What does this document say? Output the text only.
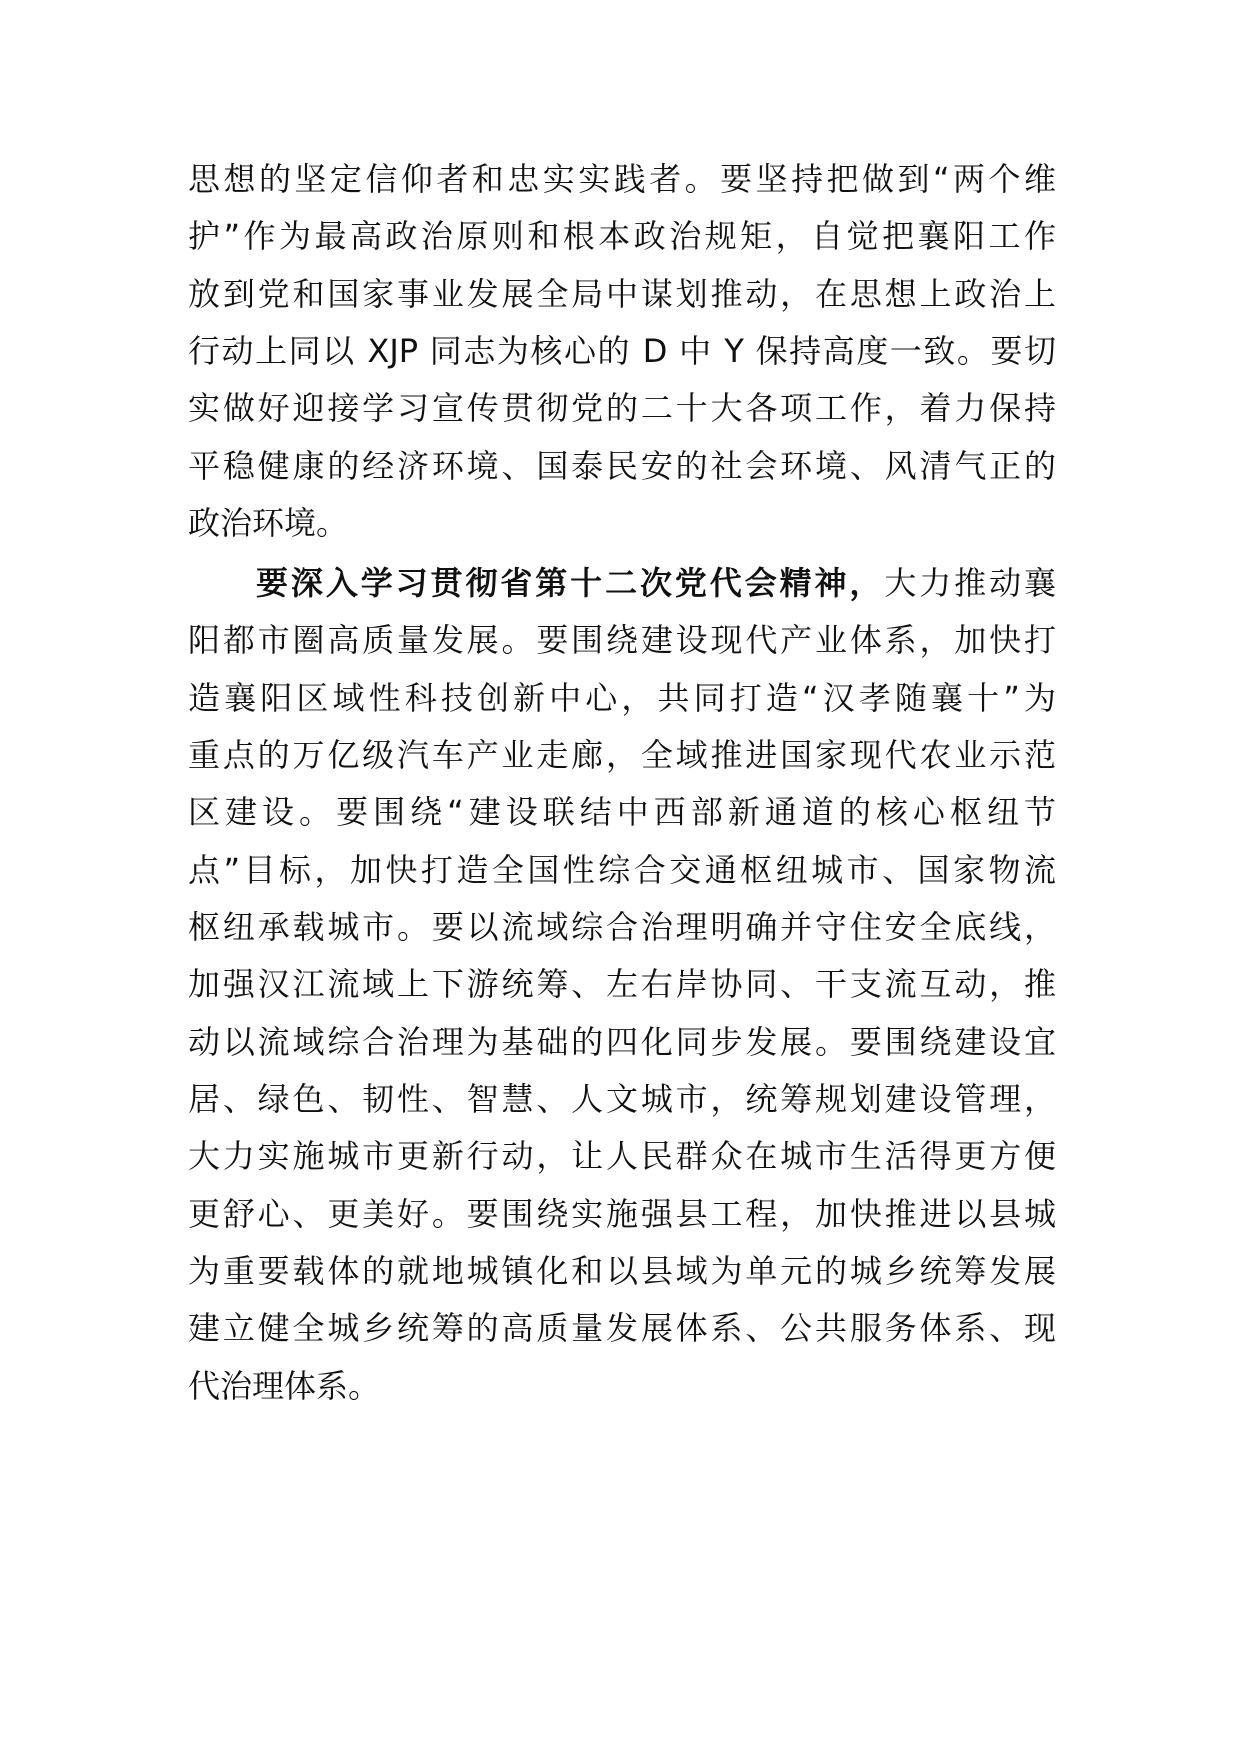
思想的坚定信仰者和忠实实践者。要坚持把做到“两个维
护”作为最高政治原则和根本政治规矩，自觉把襄阳工作
放到党和国家事业发展全局中谋划推动，在思想上政治上
行动上同以 XJP 同志为核心的 D 中 Y 保持高度一致。要切
实做好迎接学习宣传贯彻党的二十大各项工作，着力保持
平稳健康的经济环境、国泰民安的社会环境、风清气正的
政治环境。
要深入学习贯彻省第十二次党代会精神，大力推动襄
阳都市圈高质量发展。要围绕建设现代产业体系，加快打
造襄阳区域性科技创新中心，共同打造“汉孝随襄十”为
重点的万亿级汽车产业走廊，全域推进国家现代农业示范
区建设。要围绕“建设联结中西部新通道的核心枢纽节
点”目标，加快打造全国性综合交通枢纽城市、国家物流
枢纽承载城市。要以流域综合治理明确并守住安全底线，
加强汉江流域上下游统筹、左右岸协同、干支流互动，推
动以流域综合治理为基础的四化同步发展。要围绕建设宜
居、绿色、韧性、智慧、人文城市，统筹规划建设管理，
大力实施城市更新行动，让人民群众在城市生活得更方便
更舒心、更美好。要围绕实施强县工程，加快推进以县城
为重要载体的就地城镇化和以县域为单元的城乡统筹发展
建立健全城乡统筹的高质量发展体系、公共服务体系、现
代治理体系。
